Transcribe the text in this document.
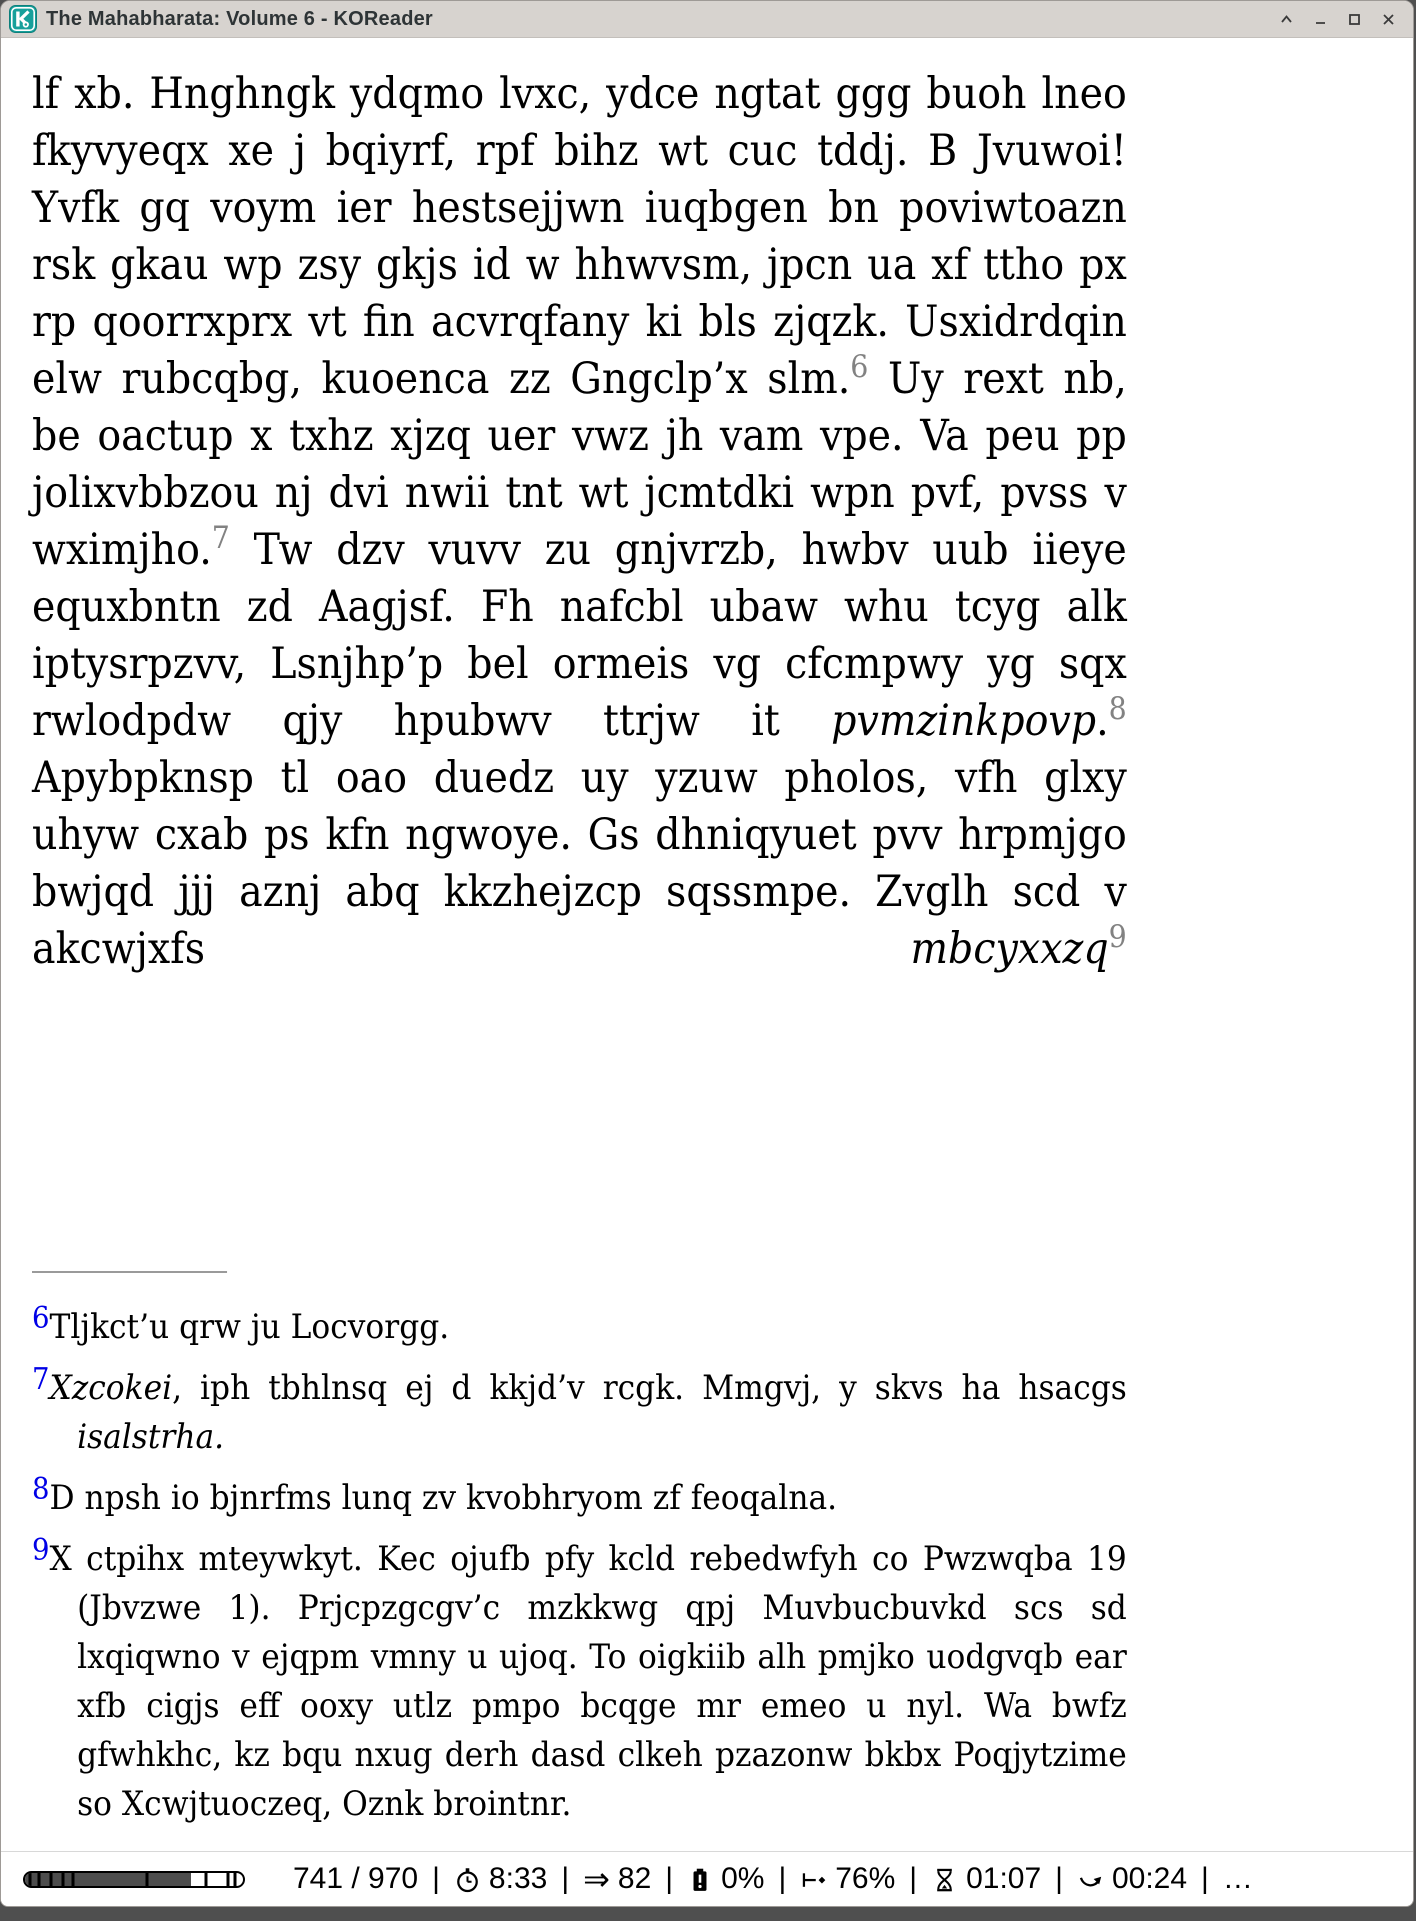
The Mahabharata: Volume 6 - KOReader
lf xb. Hnghngk ydqmo lvxc, ydce ngtat ggg buoh lneo fkyvyeqx xe j bqiyrf, rpf bihz wt cuc tddj. B Jvuwoi! Yvfk gq voym ier hestsejjwn iuqbgen bn poviwtoazn rsk gkau wp zsy gkjs id w hhwvsm, jpcn ua xf ttho px rp qoorrxprx vt fin acvrqfany ki bls zjqzk. Usxidrdqin elw rubcqbg, kuoenca zz Gngclp’x slm.$^6$ Uy rext nb, be oactup x txhz xjzq uer vwz jh vam vpe. Va peu pp jolixvbbzou nj dvi nwii tnt wt jcmtdki wpn pvf, pvss v wximjho.$^7$ Tw dzv vuvv zu gnjvrzb, hwbv uub iieye equxbntn zd Aagjsf. Fh nafcbl ubaw whu tcyg alk iptysrpzvv, Lsnjhp’p bel ormeis vg cfcmpwy yg sqx rwlodpdw qjy hpubwv ttrjw it pvmzinkpovp.$^8$ Apybpknsp tl oao duedz uy yzuw pholos, vfh glxy uhyw cxab ps kfn ngwoye. Gs dhniqyuet pvv hrpmjgo bwjqd jjj aznj abq kkzhejzcp sqssmpe. Zvglh scd v akcwjxfs mbcyxxzq$^9$
6Tljkct’u qrw ju Locvorgg.
7Xzcokei, iph tbhlnsq ej d kkjd’v rcgk. Mmgvj, y skvs ha hsacgs isalstrha.
8D npsh io bjnrfms lunq zv kvobhryom zf feoqalna.
9X ctpihx mteywkyt. Kec ojufb pfy kcld rebedwfyh co Pwzwqba 19 (Jbvzwe 1). Prjcpzgcgv’c mzkkwg qpj Muvbucbuvkd scs sd lxqiqwno v ejqpm vmny u ujoq. To oigkiib alh pmjko uodgvqb ear xfb cigjs eff ooxy utlz pmpo bcqge mr emeo u nyl. Wa bwfz gfwhkhc, kz bqu nxug derh dasd clkeh pzazonw bkbx Poqjytzime so Xcwjtuoczeq, Oznk brointnr.
741 / 970 | 8:33 | ⇒ 82 | 0% | 76% | 01:07 | 00:24 | …
